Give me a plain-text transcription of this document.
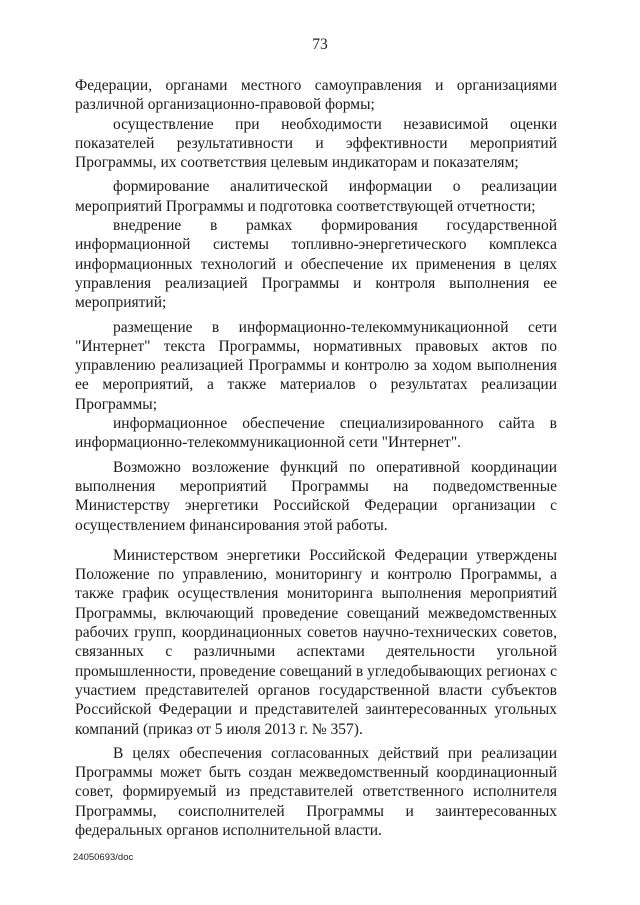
73

Федерации, органами местного самоуправления и организациями различной организационно-правовой формы;

осуществление при необходимости независимой оценки показателей результативности и эффективности мероприятий Программы, их соответствия целевым индикаторам и показателям;

формирование аналитической информации о реализации мероприятий Программы и подготовка соответствующей отчетности;

внедрение в рамках формирования государственной информационной системы топливно-энергетического комплекса информационных технологий и обеспечение их применения в целях управления реализацией Программы и контроля выполнения ее мероприятий;

размещение в информационно-телекоммуникационной сети "Интернет" текста Программы, нормативных правовых актов по управлению реализацией Программы и контролю за ходом выполнения ее мероприятий, а также материалов о результатах реализации Программы;

информационное обеспечение специализированного сайта в информационно-телекоммуникационной сети "Интернет".

Возможно возложение функций по оперативной координации выполнения мероприятий Программы на подведомственные Министерству энергетики Российской Федерации организации с осуществлением финансирования этой работы.

Министерством энергетики Российской Федерации утверждены Положение по управлению, мониторингу и контролю Программы, а также график осуществления мониторинга выполнения мероприятий Программы, включающий проведение совещаний межведомственных рабочих групп, координационных советов научно-технических советов, связанных с различными аспектами деятельности угольной промышленности, проведение совещаний в угледобывающих регионах с участием представителей органов государственной власти субъектов Российской Федерации и представителей заинтересованных угольных компаний (приказ от 5 июля 2013 г. № 357).

В целях обеспечения согласованных действий при реализации Программы может быть создан межведомственный координационный совет, формируемый из представителей ответственного исполнителя Программы, соисполнителей Программы и заинтересованных федеральных органов исполнительной власти.

24050693/doc
